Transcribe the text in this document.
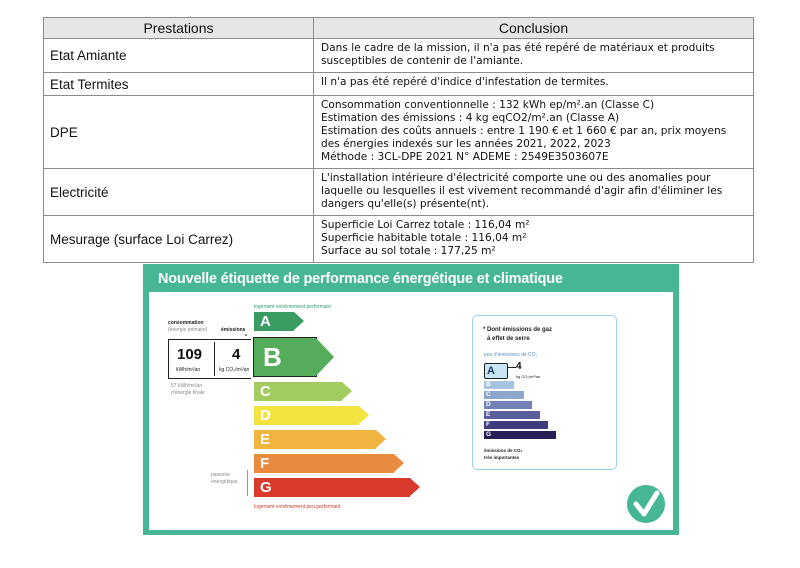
Prestations	Conclusion
Etat Amiante	Dans le cadre de la mission, il n'a pas été repéré de matériaux et produits
susceptibles de contenir de l'amiante.

Etat Termites	Il n'a pas été repéré d'indice d'infestation de termites.

DPE	Consommation conventionnelle : 132 kWh ep/m².an (Classe C)
Estimation des émissions : 4 kg eqCO2/m².an (Classe A)
Estimation des coûts annuels : entre 1 190 € et 1 660 € par an, prix moyens
des énergies indexés sur les années 2021, 2022, 2023
Méthode : 3CL-DPE 2021 N° ADEME : 2549E3503607E

Electricité	L'installation intérieure d'électricité comporte une ou des anomalies pour
laquelle ou lesquelles il est vivement recommandé d'agir afin d'éliminer les
dangers qu'elle(s) présente(nt).

Mesurage (surface Loi Carrez)	Superficie Loi Carrez totale : 116,04 m²
Superficie habitable totale : 116,04 m²
Surface au sol totale : 177,25 m²
Nouvelle étiquette de performance énergétique et climatique
logement extrêmement performant
logement extrêmement peu performant
consommation
(énergie primaire)	émissions
*
109
kWh/m²/an
4
kg CO₂/m²/an
57 kWh/m²/an
d'énergie finale
passoire
énergétique
A
B
C
D
E
F
G
* Dont émissions de gaz
à effet de serre
peu d'émissions de CO₂
A
B
C
D
E
F
G
4
kg CO₂/m²/an
émissions de CO₂
très importantes
